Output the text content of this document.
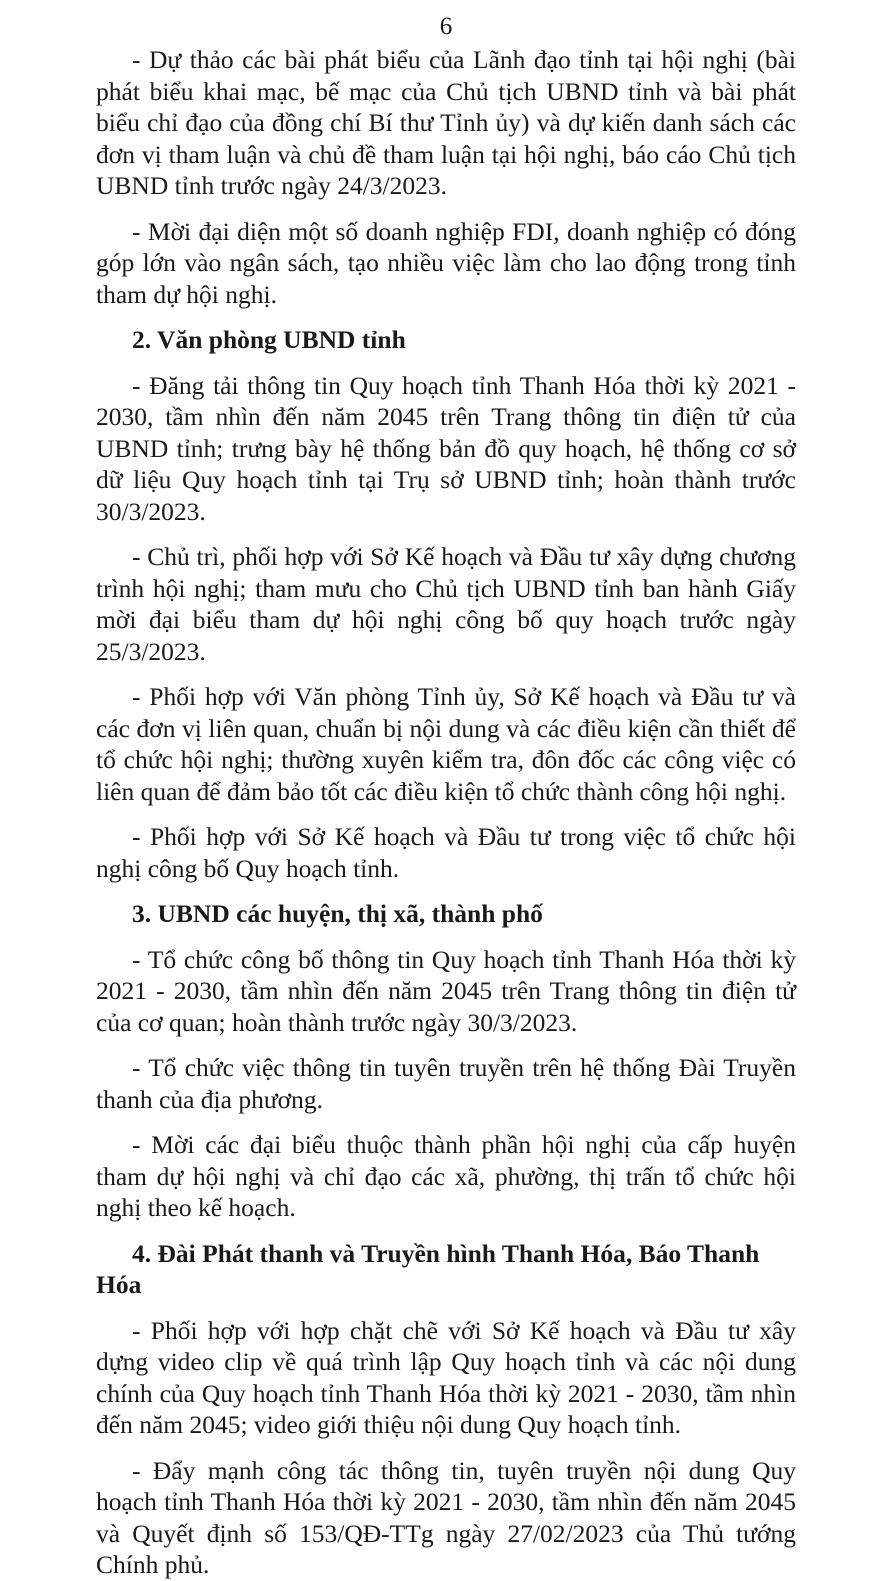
6

- Dự thảo các bài phát biểu của Lãnh đạo tỉnh tại hội nghị (bài phát biểu khai mạc, bế mạc của Chủ tịch UBND tỉnh và bài phát biểu chỉ đạo của đồng chí Bí thư Tỉnh ủy) và dự kiến danh sách các đơn vị tham luận và chủ đề tham luận tại hội nghị, báo cáo Chủ tịch UBND tỉnh trước ngày 24/3/2023.

- Mời đại diện một số doanh nghiệp FDI, doanh nghiệp có đóng góp lớn vào ngân sách, tạo nhiều việc làm cho lao động trong tỉnh tham dự hội nghị.

2. Văn phòng UBND tỉnh

- Đăng tải thông tin Quy hoạch tỉnh Thanh Hóa thời kỳ 2021 - 2030, tầm nhìn đến năm 2045 trên Trang thông tin điện tử của UBND tỉnh; trưng bày hệ thống bản đồ quy hoạch, hệ thống cơ sở dữ liệu Quy hoạch tỉnh tại Trụ sở UBND tỉnh; hoàn thành trước 30/3/2023.

- Chủ trì, phối hợp với Sở Kế hoạch và Đầu tư xây dựng chương trình hội nghị; tham mưu cho Chủ tịch UBND tỉnh ban hành Giấy mời đại biểu tham dự hội nghị công bố quy hoạch trước ngày 25/3/2023.

- Phối hợp với Văn phòng Tỉnh ủy, Sở Kế hoạch và Đầu tư và các đơn vị liên quan, chuẩn bị nội dung và các điều kiện cần thiết để tổ chức hội nghị; thường xuyên kiểm tra, đôn đốc các công việc có liên quan để đảm bảo tốt các điều kiện tổ chức thành công hội nghị.

- Phối hợp với Sở Kế hoạch và Đầu tư trong việc tổ chức hội nghị công bố Quy hoạch tỉnh.

3. UBND các huyện, thị xã, thành phố

- Tổ chức công bố thông tin Quy hoạch tỉnh Thanh Hóa thời kỳ 2021 - 2030, tầm nhìn đến năm 2045 trên Trang thông tin điện tử của cơ quan; hoàn thành trước ngày 30/3/2023.

- Tổ chức việc thông tin tuyên truyền trên hệ thống Đài Truyền thanh của địa phương.

- Mời các đại biểu thuộc thành phần hội nghị của cấp huyện tham dự hội nghị và chỉ đạo các xã, phường, thị trấn tổ chức hội nghị theo kế hoạch.

4. Đài Phát thanh và Truyền hình Thanh Hóa, Báo Thanh Hóa

- Phối hợp với hợp chặt chẽ với Sở Kế hoạch và Đầu tư xây dựng video clip về quá trình lập Quy hoạch tỉnh và các nội dung chính của Quy hoạch tỉnh Thanh Hóa thời kỳ 2021 - 2030, tầm nhìn đến năm 2045; video giới thiệu nội dung Quy hoạch tỉnh.

- Đẩy mạnh công tác thông tin, tuyên truyền nội dung Quy hoạch tỉnh Thanh Hóa thời kỳ 2021 - 2030, tầm nhìn đến năm 2045 và Quyết định số 153/QĐ-TTg ngày 27/02/2023 của Thủ tướng Chính phủ.
